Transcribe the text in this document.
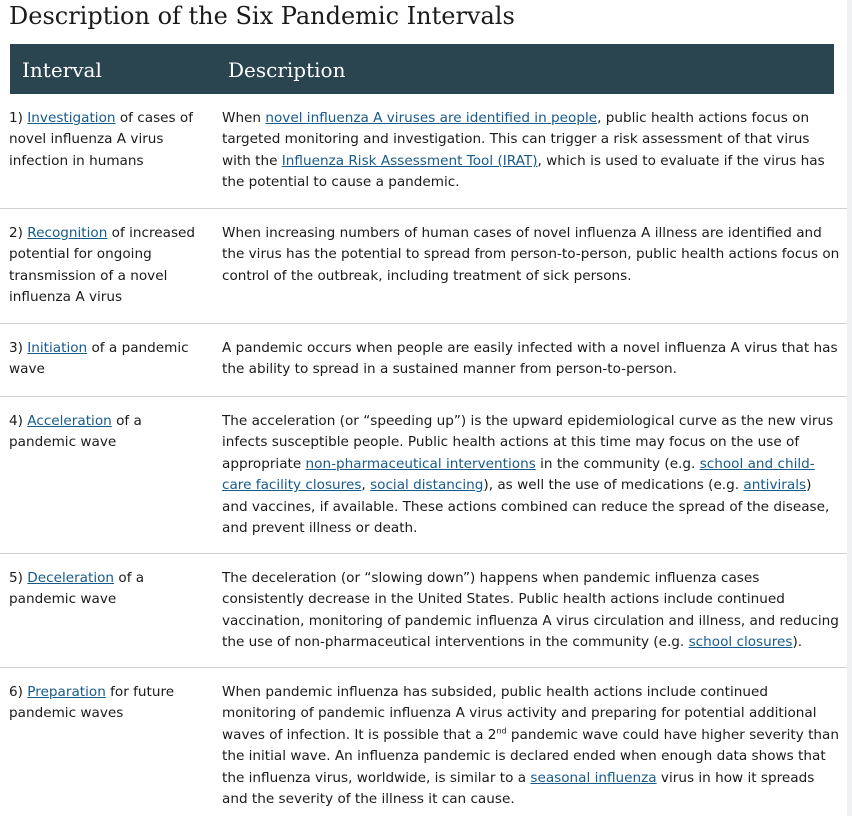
Description of the Six Pandemic Intervals
Interval	Description
1) Investigation of cases of novel influenza A virus infection in humans
When novel influenza A viruses are identified in people, public health actions focus on targeted monitoring and investigation. This can trigger a risk assessment of that virus with the Influenza Risk Assessment Tool (IRAT), which is used to evaluate if the virus has the potential to cause a pandemic.
2) Recognition of increased potential for ongoing transmission of a novel influenza A virus
When increasing numbers of human cases of novel influenza A illness are identified and the virus has the potential to spread from person-to-person, public health actions focus on control of the outbreak, including treatment of sick persons.
3) Initiation of a pandemic wave
A pandemic occurs when people are easily infected with a novel influenza A virus that has the ability to spread in a sustained manner from person-to-person.
4) Acceleration of a pandemic wave
The acceleration (or “speeding up”) is the upward epidemiological curve as the new virus infects susceptible people. Public health actions at this time may focus on the use of appropriate non-pharmaceutical interventions in the community (e.g. school and child-care facility closures, social distancing), as well the use of medications (e.g. antivirals) and vaccines, if available. These actions combined can reduce the spread of the disease, and prevent illness or death.
5) Deceleration of a pandemic wave
The deceleration (or “slowing down”) happens when pandemic influenza cases consistently decrease in the United States. Public health actions include continued vaccination, monitoring of pandemic influenza A virus circulation and illness, and reducing the use of non-pharmaceutical interventions in the community (e.g. school closures).
6) Preparation for future pandemic waves
When pandemic influenza has subsided, public health actions include continued monitoring of pandemic influenza A virus activity and preparing for potential additional waves of infection. It is possible that a 2nd pandemic wave could have higher severity than the initial wave. An influenza pandemic is declared ended when enough data shows that the influenza virus, worldwide, is similar to a seasonal influenza virus in how it spreads and the severity of the illness it can cause.
